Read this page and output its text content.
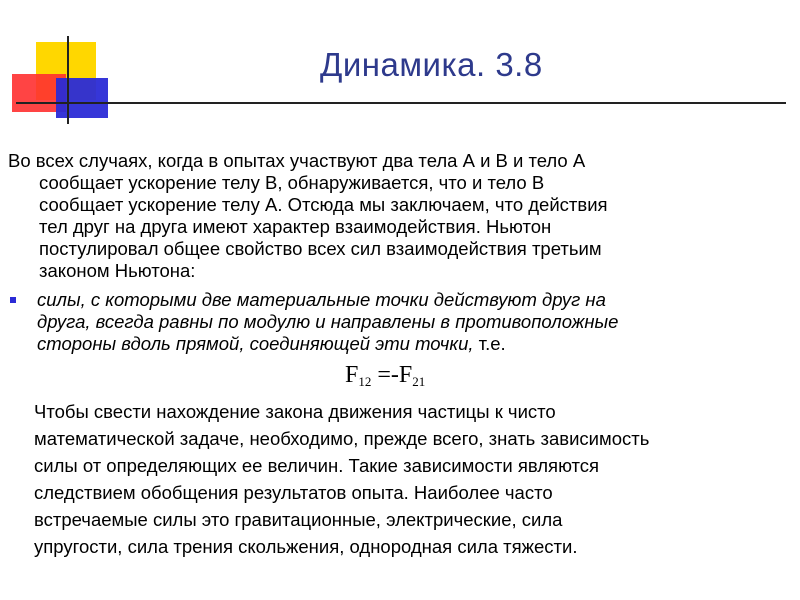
Динамика. 3.8
Во всех случаях, когда в опытах участвуют два тела А и В и тело А
сообщает ускорение телу В, обнаруживается, что и тело В
сообщает ускорение телу А. Отсюда мы заключаем, что действия
тел друг на друга имеют характер взаимодействия. Ньютон
постулировал общее свойство всех сил взаимодействия третьим
законом Ньютона:
силы, с которыми две материальные точки действуют друг на
друга, всегда равны по модулю и направлены в противоположные
стороны вдоль прямой, соединяющей эти точки, т.е.
$F_{12} =-F_{21}$
Чтобы свести нахождение закона движения частицы к чисто
математической задаче, необходимо, прежде всего, знать зависимость
силы от определяющих ее величин. Такие зависимости являются
следствием обобщения результатов опыта. Наиболее часто
встречаемые силы это гравитационные, электрические, сила
упругости, сила трения скольжения, однородная сила тяжести.
